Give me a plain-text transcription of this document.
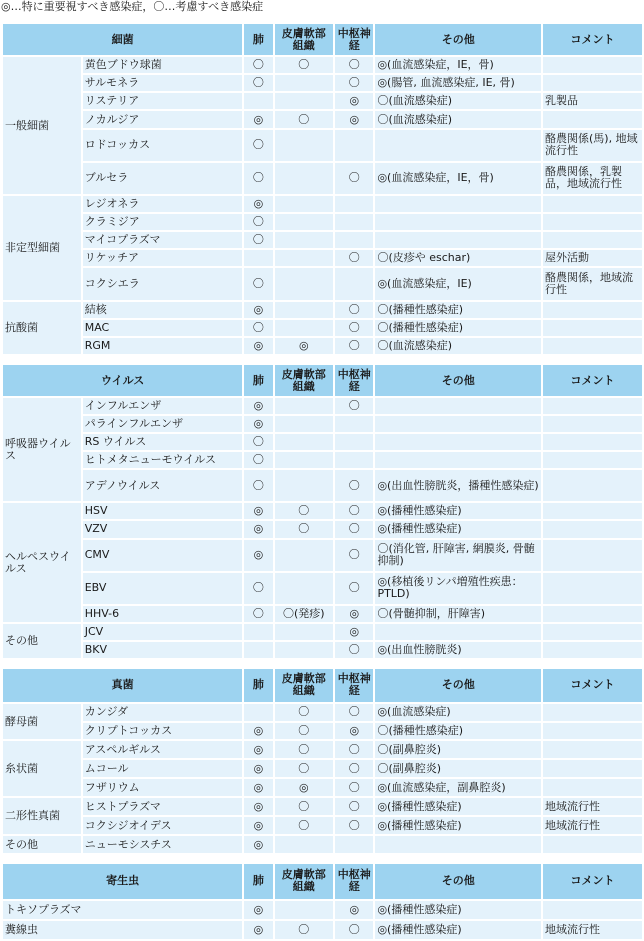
◎…特に重要視すべき感染症，〇…考慮すべき感染症
細菌		肺	皮膚軟部組織	中枢神経	その他	コメント
一般細菌	黄色ブドウ球菌	〇	〇	〇	◎(血流感染症，IE，骨)	
	サルモネラ	〇		〇	◎(腸管, 血流感染症, IE, 骨)	
	リステリア			◎	〇(血流感染症)	乳製品
	ノカルジア	◎	〇	◎	〇(血流感染症)	
	ロドコッカス	〇				酪農関係(馬), 地域流行性
	ブルセラ	〇		〇	◎(血流感染症，IE，骨)	酪農関係，乳製品，地域流行性
非定型細菌	レジオネラ	◎				
	クラミジア	〇				
	マイコプラズマ	〇				
	リケッチア			〇	〇(皮疹や eschar)	屋外活動
	コクシエラ	〇			◎(血流感染症，IE)	酪農関係，地域流行性
抗酸菌	結核	◎		〇	〇(播種性感染症)	
	MAC	〇		〇	〇(播種性感染症)	
	RGM	◎	◎	〇	〇(血流感染症)	
ウイルス		肺	皮膚軟部組織	中枢神経	その他	コメント
呼吸器ウイルス	インフルエンザ	◎		〇		
	パラインフルエンザ	◎				
	RS ウイルス	〇				
	ヒトメタニューモウイルス	〇				
	アデノウイルス	〇		〇	◎(出血性膀胱炎，播種性感染症)	
ヘルペスウイルス	HSV	◎	〇	〇	◎(播種性感染症)	
	VZV	◎	〇	〇	◎(播種性感染症)	
	CMV	◎		〇	〇(消化管, 肝障害, 網膜炎, 骨髄抑制)	
	EBV	〇		〇	◎(移植後リンパ増殖性疾患：PTLD)	
	HHV-6	〇	〇(発疹)	◎	〇(骨髄抑制，肝障害)	
その他	JCV			◎		
	BKV			〇	◎(出血性膀胱炎)	
真菌		肺	皮膚軟部組織	中枢神経	その他	コメント
酵母菌	カンジダ		〇	〇	◎(血流感染症)	
	クリプトコッカス	◎	〇	◎	〇(播種性感染症)	
糸状菌	アスペルギルス	◎	〇	〇	〇(副鼻腔炎)	
	ムコール	◎	〇	〇	〇(副鼻腔炎)	
	フザリウム	◎	◎	〇	◎(血流感染症，副鼻腔炎)	
二形性真菌	ヒストプラズマ	◎	〇	〇	◎(播種性感染症)	地域流行性
	コクシジオイデス	◎	〇	〇	◎(播種性感染症)	地域流行性
その他	ニューモシスチス	◎				
寄生虫	肺	皮膚軟部組織	中枢神経	その他	コメント
トキソプラズマ	◎		◎	◎(播種性感染症)	
糞線虫	◎	〇	〇	◎(播種性感染症)	地域流行性
